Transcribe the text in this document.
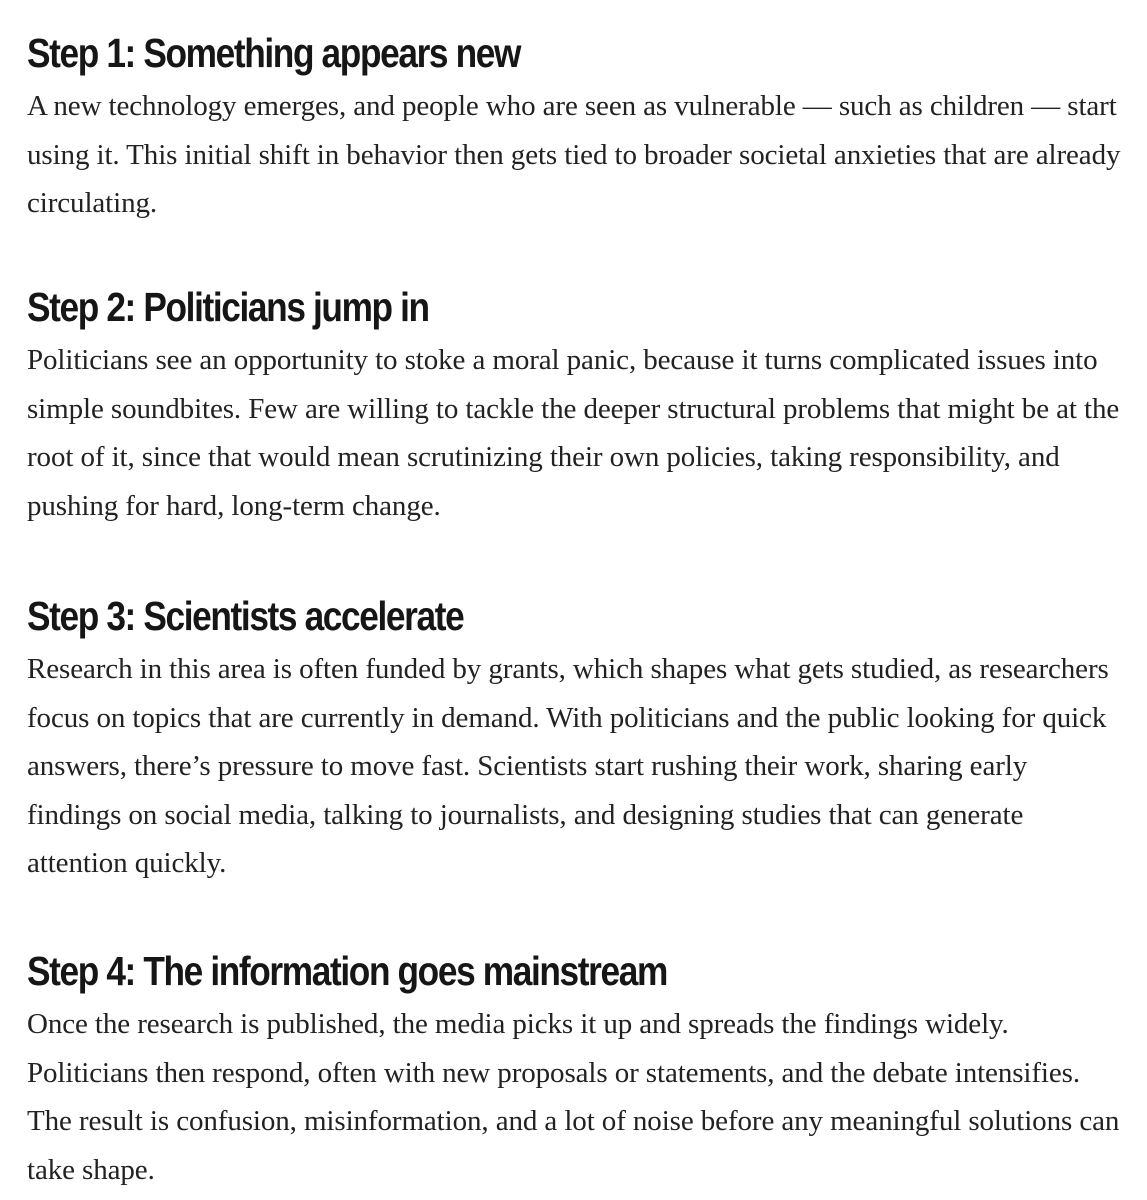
Step 1: Something appears new

A new technology emerges, and people who are seen as vulnerable — such as children — start using it. This initial shift in behavior then gets tied to broader societal anxieties that are already circulating.

Step 2: Politicians jump in

Politicians see an opportunity to stoke a moral panic, because it turns complicated issues into simple soundbites. Few are willing to tackle the deeper structural problems that might be at the root of it, since that would mean scrutinizing their own policies, taking responsibility, and pushing for hard, long-term change.

Step 3: Scientists accelerate

Research in this area is often funded by grants, which shapes what gets studied, as researchers focus on topics that are currently in demand. With politicians and the public looking for quick answers, there’s pressure to move fast. Scientists start rushing their work, sharing early findings on social media, talking to journalists, and designing studies that can generate attention quickly.

Step 4: The information goes mainstream

Once the research is published, the media picks it up and spreads the findings widely. Politicians then respond, often with new proposals or statements, and the debate intensifies. The result is confusion, misinformation, and a lot of noise before any meaningful solutions can take shape.
